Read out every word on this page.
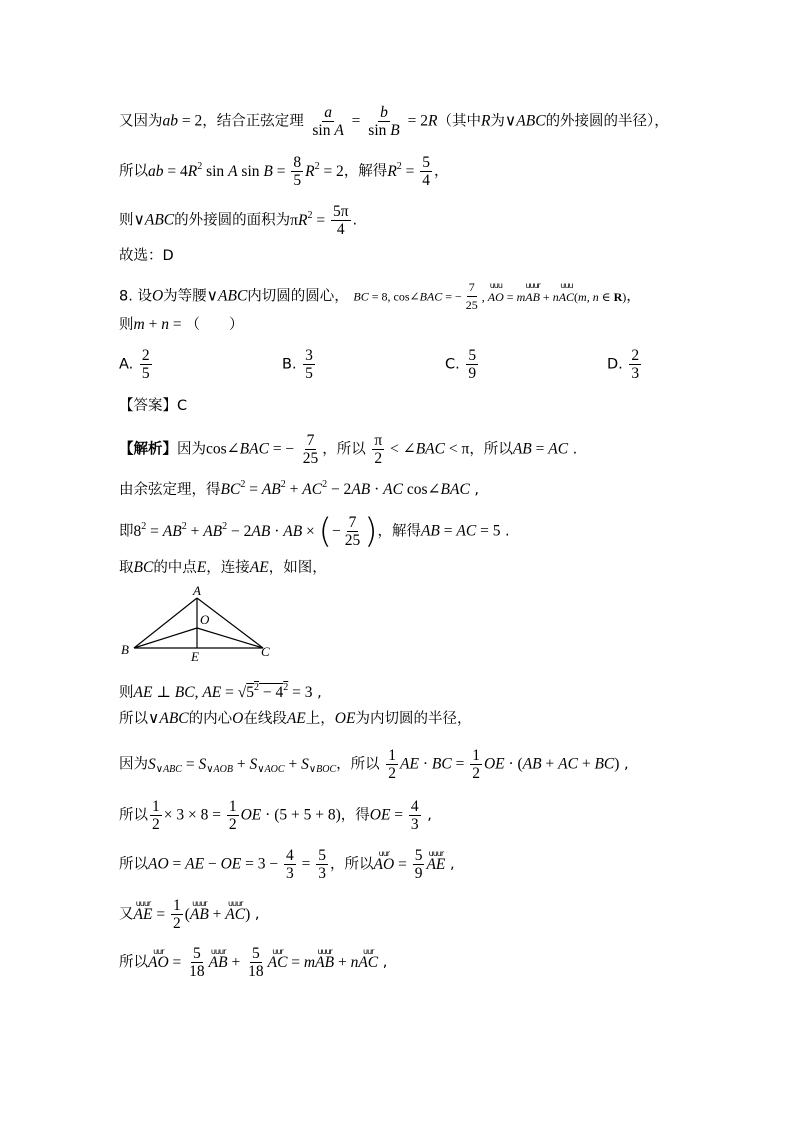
又因为ab = 2，结合正弦定理 $\frac{a}{\text{sin A}} = \frac{b}{\text{sin B}} = 2R$（其中R为∨ABC的外接圆的半径），
所以ab = $4R^2$ sin A $\sin B = \frac{8}{5} R^2 = 2$，解得$R^2 = \frac{5}{4}$ ，
则∨ABC的外接圆的面积为$\pi R^2 = \frac{5\pi}{4}$ .
故选：D
8. 设O为等腰∨ABC内切圆的圆心， BC = 8, cos∠BAC = − $\frac{7}{25}$ , uuu AO = muuur AB + nuuu AC(m, n ∈ R)，
则m + n = （　　）
A. $\frac{2}{5}$	B. $\frac{3}{5}$	C. $\frac{5}{9}$	D. $\frac{2}{3}$
【答案】C
【解析】因为cos∠BAC = − $\frac{7}{25}$ ，所以 $\frac{\pi}{2}$ < ∠BAC < π，所以AB = AC .
由余弦定理，得$BC^2 = AB^2 + AC^2 - 2AB$ · AC cos∠BAC ,
即$8^2 = AB^2 + AB^2 - 2AB$ · AB × (− $\frac{7}{25}$ )，解得AB = AC = 5 .
取BC的中点E，连接AE，如图，
A
O
B	E	C
则AE ⊥ BC, AE = $√5^2 - 4^2 = 3$ ,
所以∨ABC的内心O在线段AE上，OE为内切圆的半径，
因为$S_{\vee ABC} = S_{\vee AOB} + S_{\vee AOC} + S_{\vee BOC}$，所以 $\frac{1}{2}$ AE · BC = $\frac{1}{2}$ OE · (AB + AC + BC) ,
所以 $\frac{1}{2} \times 3 \times 8 = \frac{1}{2}$ OE · (5 + 5 + 8)，得OE = $\frac{4}{3}$ ,
所以AO = AE − OE = $3 - \frac{4}{3} = \frac{5}{3}$ ，所以uur AO = $\frac{5}{9}$ uuur AE ,
又uuur AE = $\frac{1}{2}$ (uuur AB + uuur AC) ,
所以uur AO = $\frac{5}{18}$ uuur AB + $\frac{5}{18}$ uur AC = muuur AB + nuur AC ,
